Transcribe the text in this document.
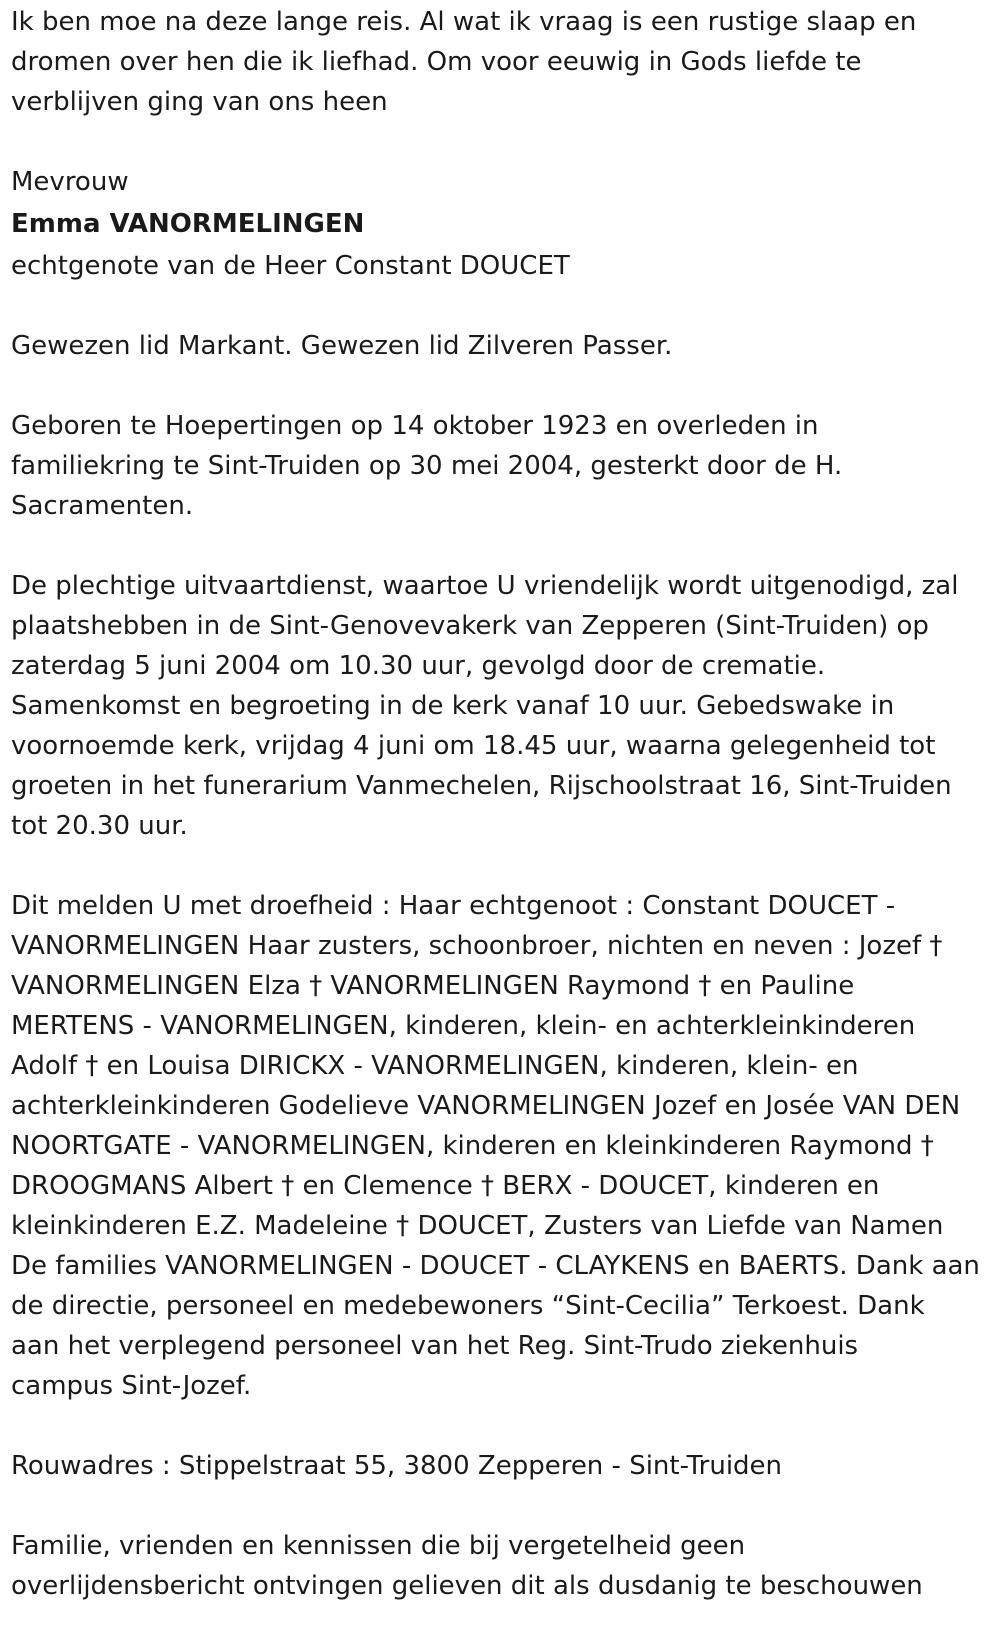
Ik ben moe na deze lange reis. Al wat ik vraag is een rustige slaap en
dromen over hen die ik liefhad. Om voor eeuwig in Gods liefde te
verblijven ging van ons heen

Mevrouw

Emma VANORMELINGEN

echtgenote van de Heer Constant DOUCET

Gewezen lid Markant. Gewezen lid Zilveren Passer.

Geboren te Hoepertingen op 14 oktober 1923 en overleden in
familiekring te Sint-Truiden op 30 mei 2004, gesterkt door de H.
Sacramenten.

De plechtige uitvaartdienst, waartoe U vriendelijk wordt uitgenodigd, zal
plaatshebben in de Sint-Genovevakerk van Zepperen (Sint-Truiden) op
zaterdag 5 juni 2004 om 10.30 uur, gevolgd door de crematie.
Samenkomst en begroeting in de kerk vanaf 10 uur. Gebedswake in
voornoemde kerk, vrijdag 4 juni om 18.45 uur, waarna gelegenheid tot
groeten in het funerarium Vanmechelen, Rijschoolstraat 16, Sint-Truiden
tot 20.30 uur.

Dit melden U met droefheid : Haar echtgenoot : Constant DOUCET -
VANORMELINGEN Haar zusters, schoonbroer, nichten en neven : Jozef †
VANORMELINGEN Elza † VANORMELINGEN Raymond † en Pauline
MERTENS - VANORMELINGEN, kinderen, klein- en achterkleinkinderen
Adolf † en Louisa DIRICKX - VANORMELINGEN, kinderen, klein- en
achterkleinkinderen Godelieve VANORMELINGEN Jozef en Josée VAN DEN
NOORTGATE - VANORMELINGEN, kinderen en kleinkinderen Raymond †
DROOGMANS Albert † en Clemence † BERX - DOUCET, kinderen en
kleinkinderen E.Z. Madeleine † DOUCET, Zusters van Liefde van Namen
De families VANORMELINGEN - DOUCET - CLAYKENS en BAERTS. Dank aan
de directie, personeel en medebewoners “Sint-Cecilia” Terkoest. Dank
aan het verplegend personeel van het Reg. Sint-Trudo ziekenhuis
campus Sint-Jozef.

Rouwadres : Stippelstraat 55, 3800 Zepperen - Sint-Truiden

Familie, vrienden en kennissen die bij vergetelheid geen
overlijdensbericht ontvingen gelieven dit als dusdanig te beschouwen
